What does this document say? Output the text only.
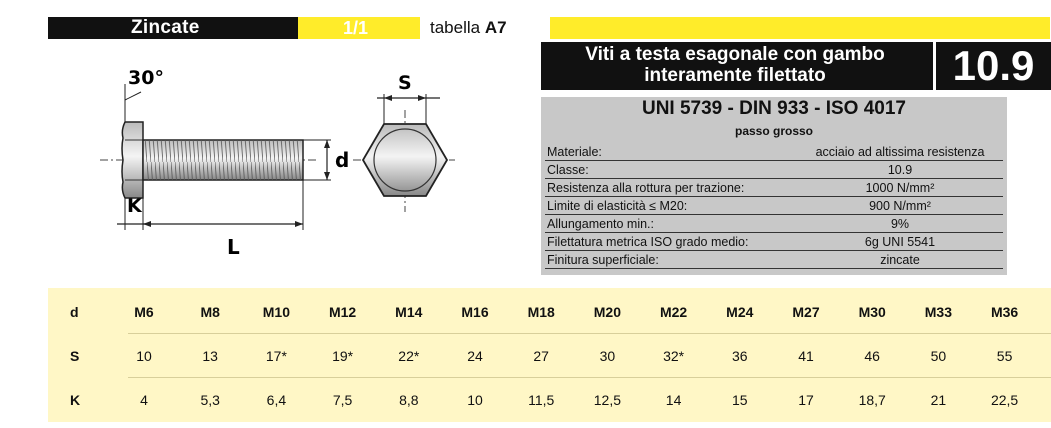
Zincate	1/1	tabella A7
Viti a testa esagonale con gambo
interamente filettato	10.9
UNI 5739 - DIN 933 - ISO 4017
passo grosso
Materiale:	acciaio ad altissima resistenza
Classe:	10.9
Resistenza alla rottura per trazione:	1000 N/mm²
Limite di elasticità ≤ M20:	900 N/mm²
Allungamento min.:	9%
Filettatura metrica ISO grado medio:	6g UNI 5541
Finitura superficiale:	zincate
30°
K
L
d
S
d	M6	M8	M10	M12	M14	M16	M18	M20	M22	M24	M27	M30	M33	M36
S	10	13	17*	19*	22*	24	27	30	32*	36	41	46	50	55
K	4	5,3	6,4	7,5	8,8	10	11,5	12,5	14	15	17	18,7	21	22,5
